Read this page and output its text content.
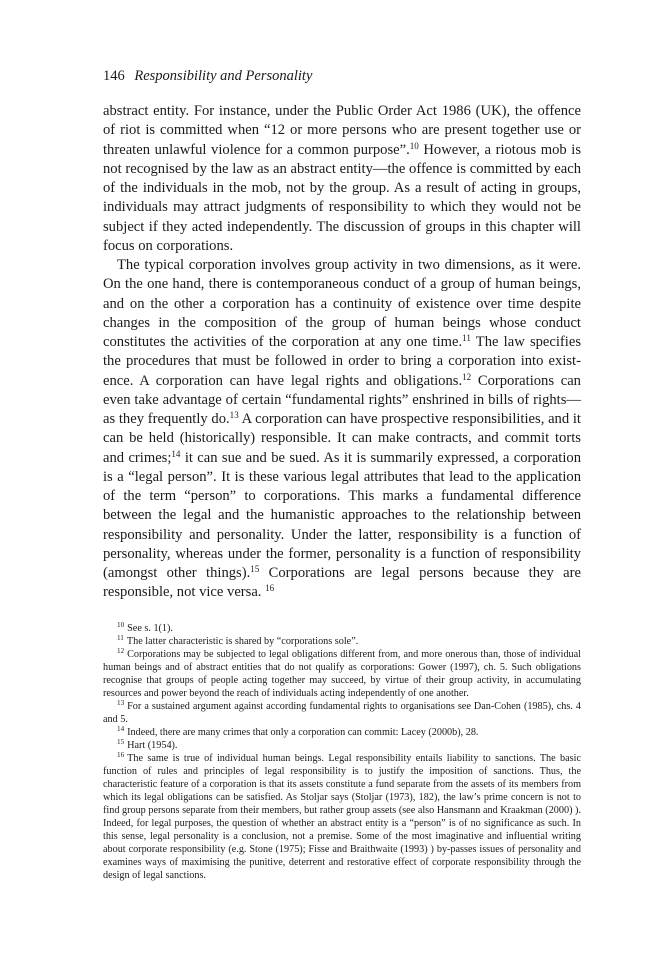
146 Responsibility and Personality

abstract entity. For instance, under the Public Order Act 1986 (UK), the offence of riot is committed when “12 or more persons who are present together use or threaten unlawful violence for a common purpose”.$^{10}$ However, a riotous mob is not recognised by the law as an abstract entity—the offence is committed by each of the individuals in the mob, not by the group. As a result of acting in groups, individuals may attract judgments of responsibility to which they would not be subject if they acted independently. The discussion of groups in this chapter will focus on corporations.

The typical corporation involves group activity in two dimensions, as it were. On the one hand, there is contemporaneous conduct of a group of human beings, and on the other a corporation has a continuity of existence over time despite changes in the composition of the group of human beings whose conduct constitutes the activities of the corporation at any one time.$^{11}$ The law specifies the procedures that must be followed in order to bring a corporation into existence. A corporation can have legal rights and obligations.$^{12}$ Corporations can even take advantage of certain “fundamental rights” enshrined in bills of rights—as they frequently do.$^{13}$ A corporation can have prospective responsibilities, and it can be held (historically) responsible. It can make contracts, and commit torts and crimes;$^{14}$ it can sue and be sued. As it is summarily expressed, a corporation is a “legal person”. It is these various legal attributes that lead to the application of the term “person” to corporations. This marks a fundamental difference between the legal and the humanistic approaches to the relationship between responsibility and personality. Under the latter, responsibility is a function of personality, whereas under the former, personality is a function of responsibility (amongst other things).$^{15}$ Corporations are legal persons because they are responsible, not vice versa. $^{16}$

$^{10}$ See s. 1(1).

$^{11}$ The latter characteristic is shared by “corporations sole”.

$^{12}$ Corporations may be subjected to legal obligations different from, and more onerous than, those of individual human beings and of abstract entities that do not qualify as corporations: Gower (1997), ch. 5. Such obligations recognise that groups of people acting together may succeed, by virtue of their group activity, in accumulating resources and power beyond the reach of individuals acting independently of one another.

$^{13}$ For a sustained argument against according fundamental rights to organisations see Dan-Cohen (1985), chs. 4 and 5.

$^{14}$ Indeed, there are many crimes that only a corporation can commit: Lacey (2000b), 28.

$^{15}$ Hart (1954).

$^{16}$ The same is true of individual human beings. Legal responsibility entails liability to sanctions. The basic function of rules and principles of legal responsibility is to justify the imposition of sanctions. Thus, the characteristic feature of a corporation is that its assets constitute a fund separate from the assets of its members from which its legal obligations can be satisfied. As Stoljar says (Stoljar (1973), 182), the law’s prime concern is not to find group persons separate from their members, but rather group assets (see also Hansmann and Kraakman (2000) ). Indeed, for legal purposes, the question of whether an abstract entity is a “person” is of no significance as such. In this sense, legal personality is a conclusion, not a premise. Some of the most imaginative and influential writing about corporate responsibility (e.g. Stone (1975); Fisse and Braithwaite (1993) ) by-passes issues of personality and examines ways of maximising the punitive, deterrent and restorative effect of corporate responsibility through the design of legal sanctions.
